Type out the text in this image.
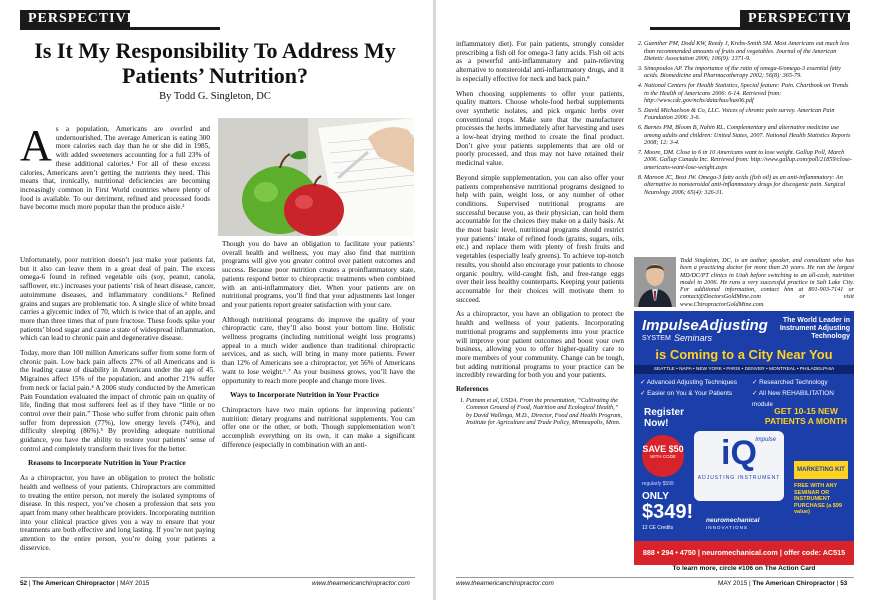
PERSPECTIVE
Is It My Responsibility To Address My Patients’ Nutrition?
By Todd G. Singleton, DC
A s a population, Americans are overfed and undernourished. The average American is eating 300 more calories each day than he or she did in 1985, with added sweeteners accounting for a full 23% of these additional calories.¹ For all of these excess calories, Americans aren’t getting the nutrients they need. This means that, ironically, nutritional deficiencies are becoming increasingly common in First World countries where plenty of food is available. To our detriment, refined and processed foods have become much more popular than the produce aisle.²

Unfortunately, poor nutrition doesn’t just make your patients fat, but it also can leave them in a great deal of pain. The excess omega-6 found in refined vegetable oils (soy, peanut, canola, safflower, etc.) increases your patients’ risk of heart disease, cancer, autoimmune diseases, and inflammatory conditions.³ Refined grains and sugars are problematic too. A single slice of white bread carries a glycemic index of 70, which is twice that of an apple, and more than three times that of pure fructose. These foods spike your patients’ blood sugar and cause a state of widespread inflammation, which can lead to chronic pain and degenerative disease.

Today, more than 100 million Americans suffer from some form of chronic pain. Low back pain affects 27% of all Americans and is the leading cause of disability in Americans under the age of 45. Migraines affect 15% of the population, and another 21% suffer from neck or facial pain.⁴ A 2006 study conducted by the American Pain Foundation evaluated the impact of chronic pain on quality of life, finding that most sufferers feel as if they have “little or no control over their pain.” Those who suffer from chronic pain often suffer from depression (77%), low energy levels (74%), and difficulty sleeping (86%).⁵ By providing adequate nutritional guidance, you have the ability to restore your patients’ sense of control and completely transform their lives for the better.

Reasons to Incorporate Nutrition in Your Practice

As a chiropractor, you have an obligation to protect the holistic health and wellness of your patients. Chiropractors are committed to treating the entire person, not merely the isolated symptoms of disease. In this respect, you’ve chosen a profession that sets you apart from many other healthcare providers. Incorporating nutrition into your clinical practice gives you a way to ensure that your treatments are both effective and long lasting. If you’re not paying attention to the entire person, you’re doing your patients a disservice.

Though you do have an obligation to facilitate your patients’ overall health and wellness, you may also find that nutrition programs will give you greater control over patient outcomes and success. Because poor nutrition creates a proinflammatory state, patients respond better to chiropractic treatments when combined with an anti-inflammatory diet. When your patients are on nutritional programs, you’ll find that your adjustments last longer and your patients report greater satisfaction with your care.

Although nutritional programs do improve the quality of your chiropractic care, they’ll also boost your bottom line. Holistic wellness programs (including nutritional weight loss programs) appeal to a much wider audience than traditional chiropractic services, and as such, will bring in many more patients. Fewer than 12% of Americans see a chiropractor, yet 56% of Americans want to lose weight.⁶˒⁷ As your business grows, you’ll have the opportunity to reach more people and change more lives.

Ways to Incorporate Nutrition in Your Practice

Chiropractors have two main options for improving patients’ nutrition: dietary programs and nutritional supplements. You can offer one or the other, or both. Though supplementation won’t accomplish everything on its own, it can make a significant difference (especially in combination with an anti-

52 | The American Chiropractor | MAY 2015	www.theamericanchiropractor.com
PERSPECTIVE

inflammatory diet). For pain patients, strongly consider prescribing a fish oil for omega-3 fatty acids. Fish oil acts as a powerful anti-inflammatory and pain-relieving alternative to nonsteroidal anti-inflammatory drugs, and it is especially effective for neck and back pain.⁸

When choosing supplements to offer your patients, quality matters. Choose whole-food herbal supplements over synthetic isolates, and pick organic herbs over conventional crops. Make sure that the manufacturer processes the herbs immediately after harvesting and uses a low-heat drying method to create the final product. Don’t give your patients supplements that are old or poorly processed, and thus may not have retained their medicinal value.

Beyond simple supplementation, you can also offer your patients comprehensive nutritional programs designed to help with pain, weight loss, or any number of other conditions. Supervised nutritional programs are successful because you, as their physician, can hold them accountable for the choices they make on a daily basis. At the most basic level, nutritional programs should restrict your patients’ intake of refined foods (grains, sugars, oils, etc.) and replace them with plenty of fresh fruits and vegetables (especially leafy greens). To achieve top-notch results, you should also encourage your patients to choose organic poultry, wild-caught fish, and free-range eggs over their less healthy counterparts. Keeping your patients accountable for their choices will motivate them to succeed.

As a chiropractor, you have an obligation to protect the health and wellness of your patients. Incorporating nutritional programs and supplements into your practice will improve your patient outcomes and boost your own business, allowing you to offer higher-quality care to more members of your community. Change can be tough, but adding nutritional programs to your practice can be incredibly rewarding for both you and your patients.

References
1. Putnam et al, USDA. From the presentation, “Cultivating the Common Ground of Food, Nutrition and Ecological Health,” by David Wallinga, M.D., Director, Food and Health Program, Institute for Agriculture and Trade Policy, Minneapolis, Minn.
2. Guenther PM, Dodd KW, Reedy J, Krebs-Smith SM. Most Americans eat much less than recommended amounts of fruits and vegetables. Journal of the American Dietetic Association 2006; 106(9): 1371-9.
3. Simopoulos AP. The importance of the ratio of omega-6/omega-3 essential fatty acids. Biomedicine and Pharmacotherapy 2002; 56(8): 365-79.
4. National Centers for Health Statistics, Special feature: Pain. Chartbook on Trends in the Health of Americans 2006: 6-14. Retrieved from: http://www.cdc.gov/nchs/data/hus/hus06.pdf
5. David Michaelson & Co, LLC. Voices of chronic pain survey. American Pain Foundation 2006: 3-6.
6. Barnes PM, Bloom B, Nahin RL. Complementary and alternative medicine use among adults and children: United States, 2007. National Health Statistics Reports 2008; 12: 3-4.
7. Moore, DM. Close to 6 in 10 Americans want to lose weight. Gallup Poll, March 2006. Gallup Canada Inc. Retrieved from: http://www.gallup.com/poll/21859/close-americans-want-lose-weight.aspx
8. Maroon JC, Bost JW. Omega-3 fatty acids (fish oil) as an anti-inflammatory: An alternative to nonsteroidal anti-inflammatory drugs for discogenic pain. Surgical Neurology 2006; 65(4): 326-31.
Todd Singleton, DC, is an author, speaker, and consultant who has been a practicing doctor for more than 20 years. He ran the largest MD/DC/PT clinics in Utah before switching to an all-cash, nutrition model in 2006. He runs a very successful practice in Salt Lake City. For additional information, contact him at 801-903-7141 or contact@DoctorsGoldMine.com or visit www.ChiropractorGoldMine.com.
ImpulseAdjusting
SYSTEM Seminars
The World Leader in Instrument Adjusting Technology
is Coming to a City Near You
SEATTLE • NAPA • NEW YORK • PARIS • DENVER • MONTREAL • PHILADELPHIA
✓ Advanced Adjusting Techniques ✓ Researched Technology
✓ Easier on You & Your Patients	✓ All New REHABILITATION module
Register Now!
GET 10-15 NEW PATIENTS A MONTH
SAVE $50
WITH CODE	iQ
impulse
ADJUSTING INSTRUMENT
MARKETING KIT
regularly $599
ONLY
$349!
12 CE Credits
FREE WITH ANY SEMINAR OR INSTRUMENT PURCHASE (a $99 value)
neuromechanical
INNOVATIONS
888 • 294 • 4750 | neuromechanical.com | offer code: AC515
To learn more, circle #106 on The Action Card
www.theamericanchiropractor.com	MAY 2015 | The American Chiropractor | 53
